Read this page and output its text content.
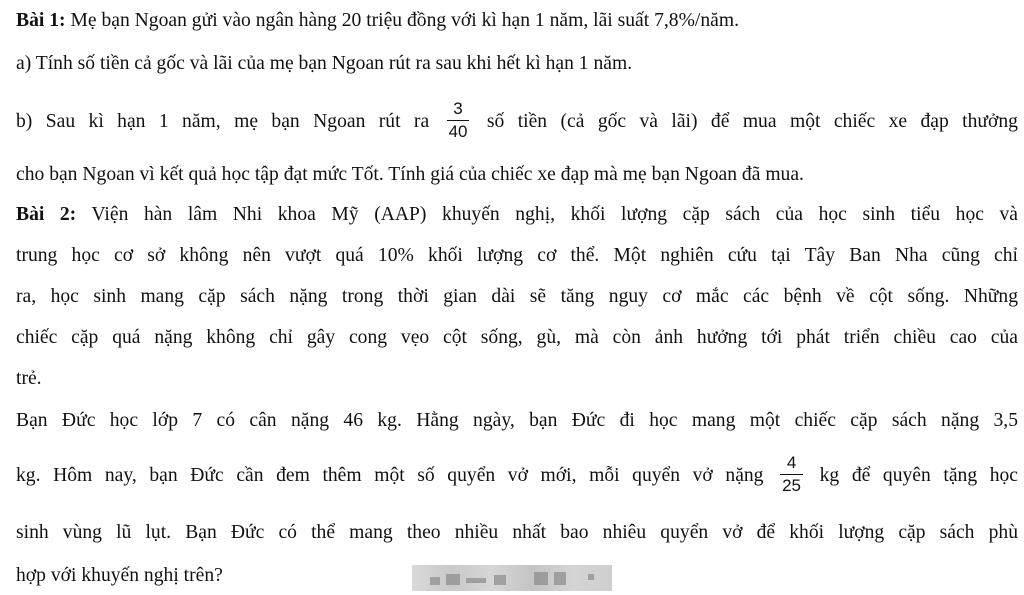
Bài 1: Mẹ bạn Ngoan gửi vào ngân hàng 20 triệu đồng với kì hạn 1 năm, lãi suất 7,8%/năm.
a) Tính số tiền cả gốc và lãi của mẹ bạn Ngoan rút ra sau khi hết kì hạn 1 năm.
b) Sau kì hạn 1 năm, mẹ bạn Ngoan rút ra $\frac{3}{40}$ số tiền (cả gốc và lãi) để mua một chiếc xe đạp thưởng
cho bạn Ngoan vì kết quả học tập đạt mức Tốt. Tính giá của chiếc xe đạp mà mẹ bạn Ngoan đã mua.
Bài 2: Viện hàn lâm Nhi khoa Mỹ (AAP) khuyến nghị, khối lượng cặp sách của học sinh tiểu học và
trung học cơ sở không nên vượt quá 10% khối lượng cơ thể. Một nghiên cứu tại Tây Ban Nha cũng chỉ
ra, học sinh mang cặp sách nặng trong thời gian dài sẽ tăng nguy cơ mắc các bệnh về cột sống. Những
chiếc cặp quá nặng không chỉ gây cong vẹo cột sống, gù, mà còn ảnh hưởng tới phát triển chiều cao của
trẻ.
Bạn Đức học lớp 7 có cân nặng 46 kg. Hằng ngày, bạn Đức đi học mang một chiếc cặp sách nặng 3,5
kg. Hôm nay, bạn Đức cần đem thêm một số quyển vở mới, mỗi quyển vở nặng $\frac{4}{25}$ kg để quyên tặng học
sinh vùng lũ lụt. Bạn Đức có thể mang theo nhiều nhất bao nhiêu quyển vở để khối lượng cặp sách phù
hợp với khuyến nghị trên?
